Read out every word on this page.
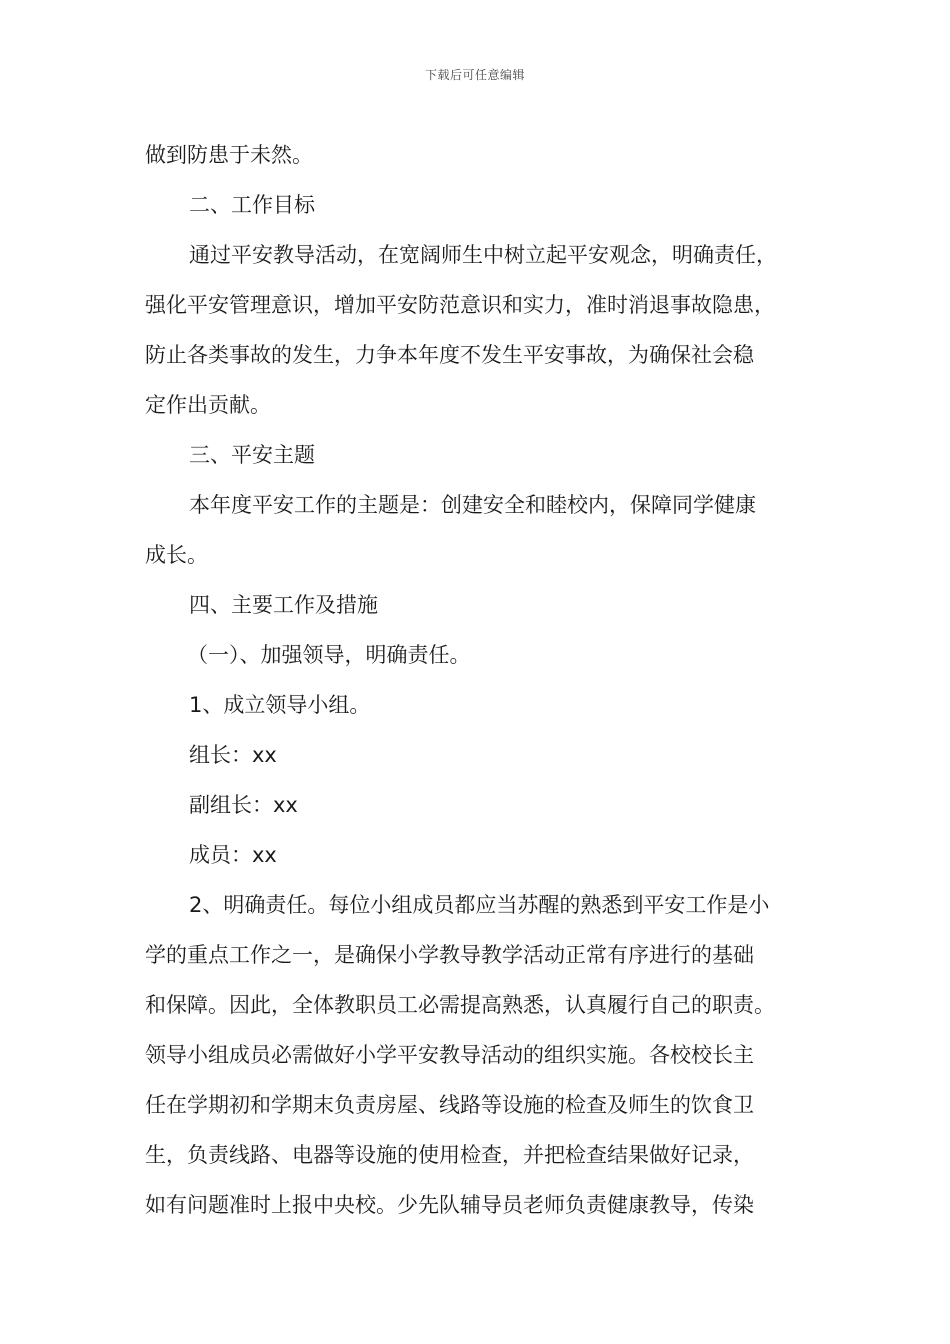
下载后可任意编辑
做到防患于未然。
二、工作目标
通过平安教导活动，在宽阔师生中树立起平安观念，明确责任，
强化平安管理意识，增加平安防范意识和实力，准时消退事故隐患，
防止各类事故的发生，力争本年度不发生平安事故，为确保社会稳
定作出贡献。
三、平安主题
本年度平安工作的主题是：创建安全和睦校内，保障同学健康
成长。
四、主要工作及措施
（一）、加强领导，明确责任。
1、成立领导小组。
组长：xx
副组长：xx
成员：xx
2、明确责任。每位小组成员都应当苏醒的熟悉到平安工作是小
学的重点工作之一，是确保小学教导教学活动正常有序进行的基础
和保障。因此，全体教职员工必需提高熟悉，认真履行自己的职责。
领导小组成员必需做好小学平安教导活动的组织实施。各校校长主
任在学期初和学期末负责房屋、线路等设施的检查及师生的饮食卫
生，负责线路、电器等设施的使用检查，并把检查结果做好记录，
如有问题准时上报中央校。少先队辅导员老师负责健康教导，传染
